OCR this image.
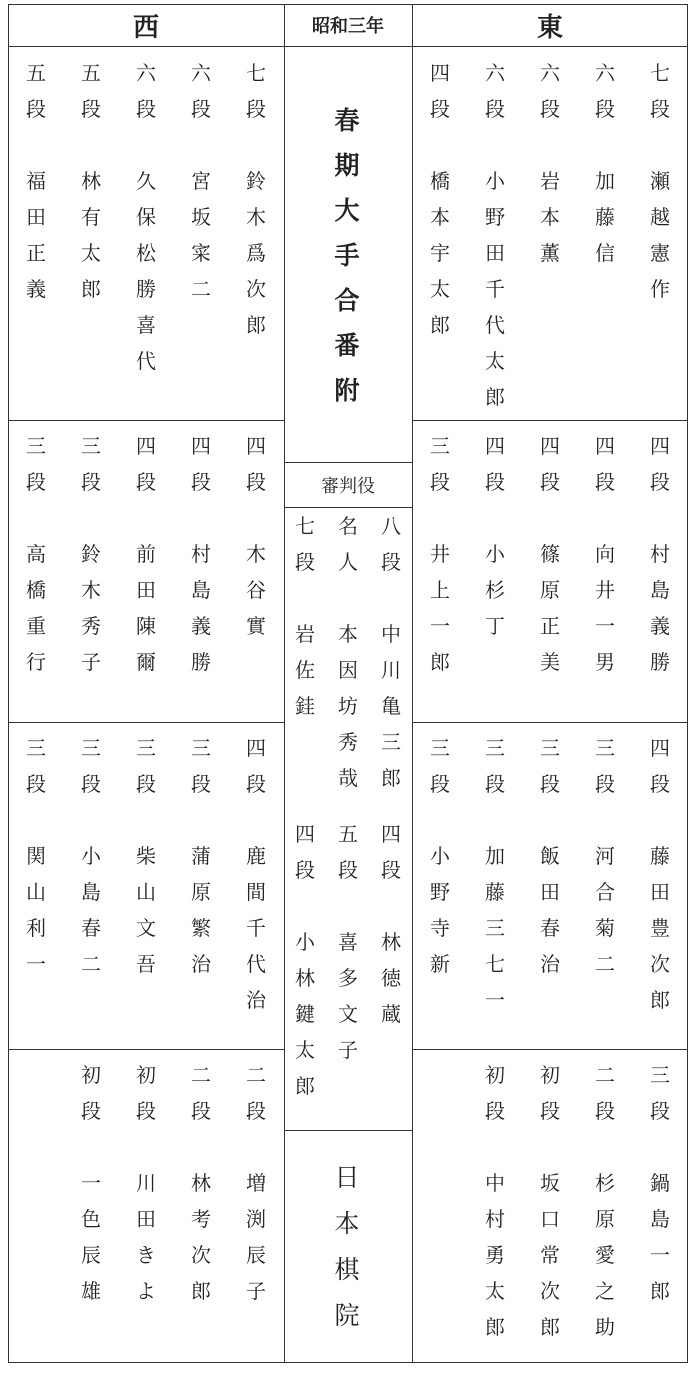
西	昭和三年	東
春
期
大
手
合
番
附
審判役
日
本
棋
院
五
段
福
田
正
義
五
段
林
有
太
郎
六
段
久
保
松
勝
喜
代
六
段
宮
坂
寀
二
七
段
鈴
木
爲
次
郎
三
段
高
橋
重
行
三
段
鈴
木
秀
子
四
段
前
田
陳
爾
四
段
村
島
義
勝
四
段
木
谷
實
三
段
関
山
利
一
三
段
小
島
春
二
三
段
柴
山
文
吾
三
段
蒲
原
繁
治
四
段
鹿
間
千
代
治
初
段
一
色
辰
雄
初
段
川
田
き
よ
二
段
林
考
次
郎
二
段
増
渕
辰
子
四
段
橋
本
宇
太
郎
六
段
小
野
田
千
代
太
郎
六
段
岩
本
薫
六
段
加
藤
信
七
段
瀬
越
憲
作
三
段
井
上
一
郎
四
段
小
杉
丁
四
段
篠
原
正
美
四
段
向
井
一
男
四
段
村
島
義
勝
三
段
小
野
寺
新
三
段
加
藤
三
七
一
三
段
飯
田
春
治
三
段
河
合
菊
二
四
段
藤
田
豊
次
郎
初
段
中
村
勇
太
郎
初
段
坂
口
常
次
郎
二
段
杉
原
愛
之
助
三
段
鍋
島
一
郎
七
段
岩
佐
銈
名
人
本
因
坊
秀
哉
八
段
中
川
亀
三
郎
四
段
小
林
鍵
太
郎
五
段
喜
多
文
子
四
段
林
徳
蔵
